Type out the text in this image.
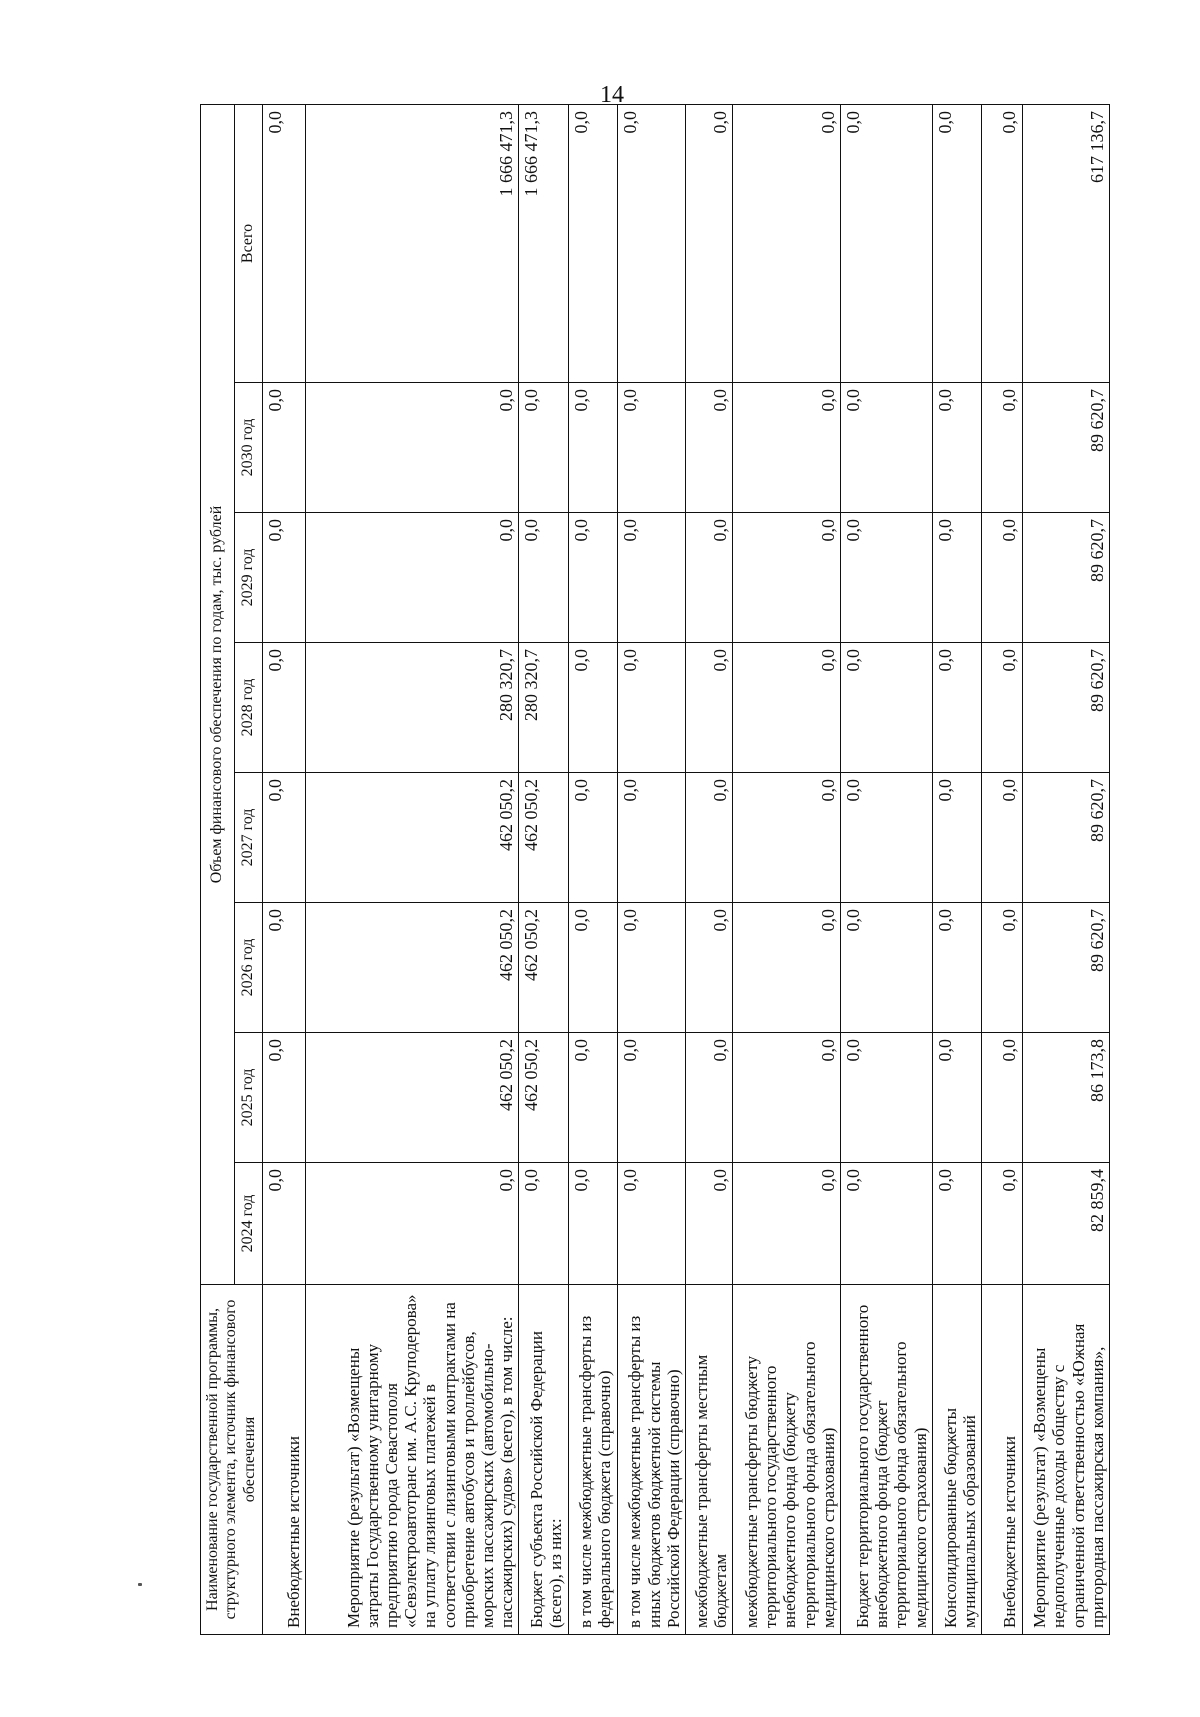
14
Наименование государственной программы, структурного элемента, источник финансового обеспечения	Объем финансового обеспечения по годам, тыс. рублей							
	2024 год	2025 год	2026 год	2027 год	2028 год	2029 год	2030 год	Всего
Внебюджетные источники	0,0	0,0	0,0	0,0	0,0	0,0	0,0	0,0
Мероприятие (результат) «Возмещены затраты Государственному унитарному предприятию города Севастополя «Севэлектроавтотранс им. А.С. Круподерова» на уплату лизинговых платежей в соответствии с лизинговыми контрактами на приобретение автобусов и троллейбусов, морских пассажирских (автомобильно-пассажирских) судов» (всего), в том числе:	0,0	462 050,2	462 050,2	462 050,2	280 320,7	0,0	0,0	1 666 471,3
Бюджет субъекта Российской Федерации (всего), из них:	0,0	462 050,2	462 050,2	462 050,2	280 320,7	0,0	0,0	1 666 471,3
в том числе межбюджетные трансферты из федерального бюджета (справочно)	0,0	0,0	0,0	0,0	0,0	0,0	0,0	0,0
в том числе межбюджетные трансферты из иных бюджетов бюджетной системы Российской Федерации (справочно)	0,0	0,0	0,0	0,0	0,0	0,0	0,0	0,0
межбюджетные трансферты местным бюджетам	0,0	0,0	0,0	0,0	0,0	0,0	0,0	0,0
межбюджетные трансферты бюджету территориального государственного внебюджетного фонда (бюджету территориального фонда обязательного медицинского страхования)	0,0	0,0	0,0	0,0	0,0	0,0	0,0	0,0
Бюджет территориального государственного внебюджетного фонда (бюджет территориального фонда обязательного медицинского страхования)	0,0	0,0	0,0	0,0	0,0	0,0	0,0	0,0
Консолидированные бюджеты муниципальных образований	0,0	0,0	0,0	0,0	0,0	0,0	0,0	0,0
Внебюджетные источники	0,0	0,0	0,0	0,0	0,0	0,0	0,0	0,0
Мероприятие (результат) «Возмещены недополученные доходы обществу с ограниченной ответственностью «Южная пригородная пассажирская компания»,	82 859,4	86 173,8	89 620,7	89 620,7	89 620,7	89 620,7	89 620,7	617 136,7
